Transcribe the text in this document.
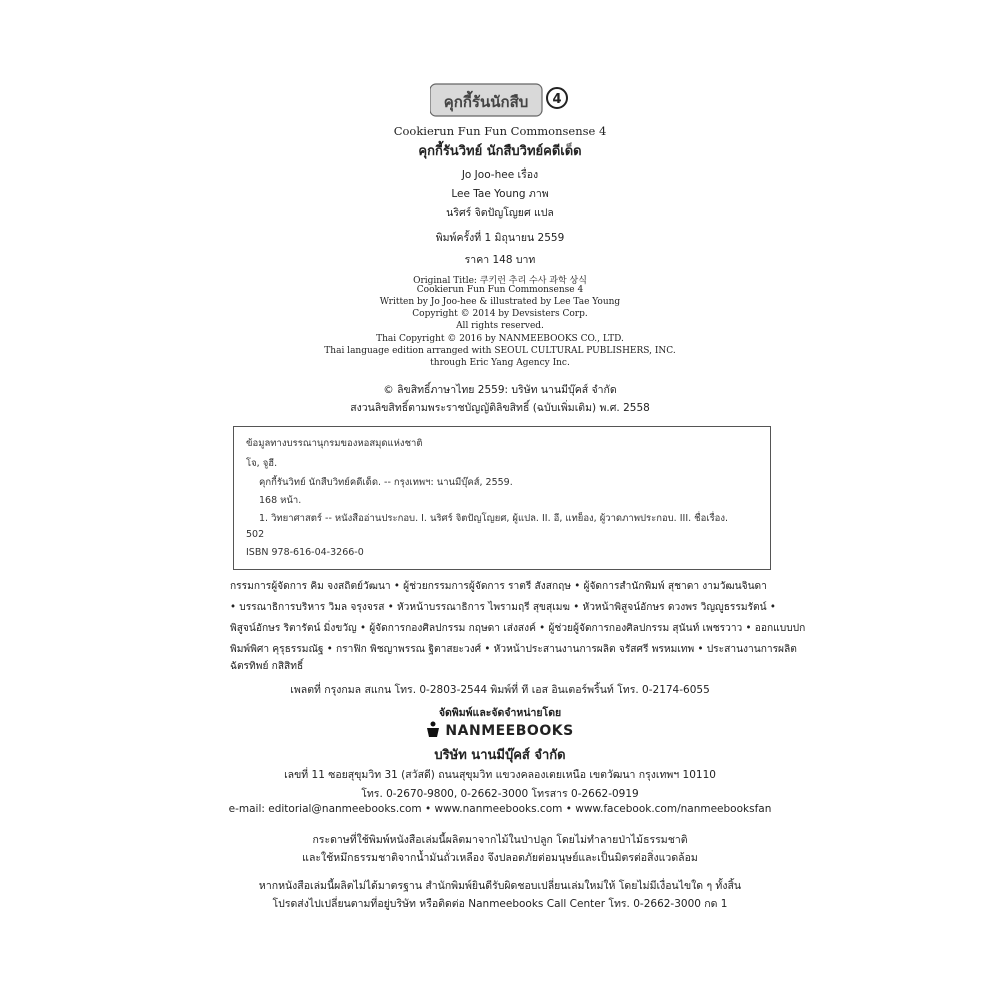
คุกกี้รันนักสืบ 4
Cookierun Fun Fun Commonsense 4
คุกกี้รันวิทย์ นักสืบวิทย์คดีเด็ด
Jo Joo-hee เรื่อง
Lee Tae Young ภาพ
นริศร์ จิตปัญโญยศ แปล
พิมพ์ครั้งที่ 1 มิถุนายน 2559
ราคา 148 บาท
Original Title: 쿠키런 추리 수사 과학 상식
Cookierun Fun Fun Commonsense 4
Written by Jo Joo-hee & illustrated by Lee Tae Young
Copyright © 2014 by Devsisters Corp.
All rights reserved.
Thai Copyright © 2016 by NANMEEBOOKS CO., LTD.
Thai language edition arranged with SEOUL CULTURAL PUBLISHERS, INC.
through Eric Yang Agency Inc.
© ลิขสิทธิ์ภาษาไทย 2559: บริษัท นานมีบุ๊คส์ จำกัด
สงวนลิขสิทธิ์ตามพระราชบัญญัติลิขสิทธิ์ (ฉบับเพิ่มเติม) พ.ศ. 2558
ข้อมูลทางบรรณานุกรมของหอสมุดแห่งชาติ
โจ, จูฮี.
คุกกี้รันวิทย์ นักสืบวิทย์คดีเด็ด. -- กรุงเทพฯ: นานมีบุ๊คส์, 2559.
168 หน้า.
1. วิทยาศาสตร์ -- หนังสืออ่านประกอบ. I. นริศร์ จิตปัญโญยศ, ผู้แปล. II. อี, แทย็อง, ผู้วาดภาพประกอบ. III. ชื่อเรื่อง.
502
ISBN 978-616-04-3266-0
กรรมการผู้จัดการ คิม จงสถิตย์วัฒนา • ผู้ช่วยกรรมการผู้จัดการ ราตรี สังสกฤษ • ผู้จัดการสำนักพิมพ์ สุชาดา งามวัฒนจินดา
• บรรณาธิการบริหาร วิมล จรุงจรส • หัวหน้าบรรณาธิการ ไพรามฤรี สุขสุเมฆ • หัวหน้าพิสูจน์อักษร ดวงพร วิญญูธรรมรัตน์ •
พิสูจน์อักษร ริตารัตน์ มิ่งขวัญ • ผู้จัดการกองศิลปกรรม กฤษดา เส่งสงค์ • ผู้ช่วยผู้จัดการกองศิลปกรรม สุนันท์ เพชรวาว • ออกแบบปก
พิมพ์พิศา คุรุธรรมณัฐ • กราฟิก พิชญาพรรณ ฐิตาสยะวงศ์ • หัวหน้าประสานงานการผลิต จรัสศรี พรหมเทพ • ประสานงานการผลิต
ฉัตรทิพย์ กสิสิทธิ์
เพลตที่ กรุงกมล สแกน โทร. 0-2803-2544 พิมพ์ที่ ที เอส อินเตอร์พริ้นท์ โทร. 0-2174-6055
จัดพิมพ์และจัดจำหน่ายโดย
NANMEEBOOKS
บริษัท นานมีบุ๊คส์ จำกัด
เลขที่ 11 ซอยสุขุมวิท 31 (สวัสดี) ถนนสุขุมวิท แขวงคลองเตยเหนือ เขตวัฒนา กรุงเทพฯ 10110
โทร. 0-2670-9800, 0-2662-3000 โทรสาร 0-2662-0919
e-mail: editorial@nanmeebooks.com • www.nanmeebooks.com • www.facebook.com/nanmeebooksfan
กระดาษที่ใช้พิมพ์หนังสือเล่มนี้ผลิตมาจากไม้ในป่าปลูก โดยไม่ทำลายป่าไม้ธรรมชาติ
และใช้หมึกธรรมชาติจากน้ำมันถั่วเหลือง จึงปลอดภัยต่อมนุษย์และเป็นมิตรต่อสิ่งแวดล้อม
หากหนังสือเล่มนี้ผลิตไม่ได้มาตรฐาน สำนักพิมพ์ยินดีรับผิดชอบเปลี่ยนเล่มใหม่ให้ โดยไม่มีเงื่อนไขใด ๆ ทั้งสิ้น
โปรดส่งไปเปลี่ยนตามที่อยู่บริษัท หรือติดต่อ Nanmeebooks Call Center โทร. 0-2662-3000 กด 1
